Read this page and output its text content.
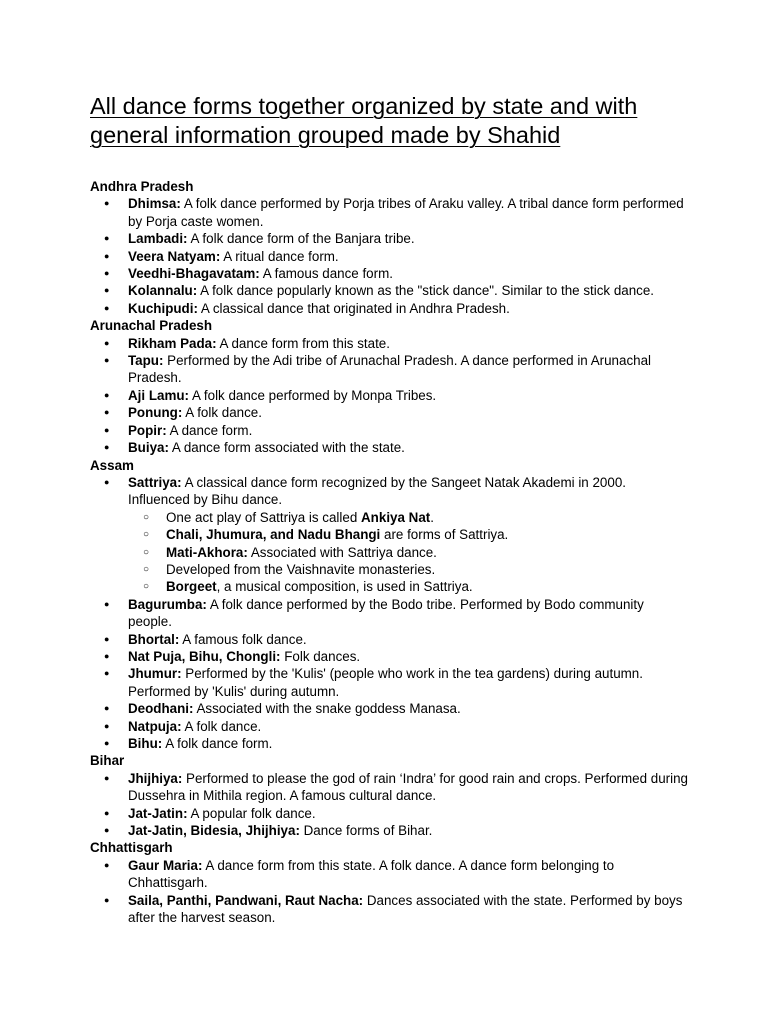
All dance forms together organized by state and with general information grouped made by Shahid
Andhra Pradesh
● Dhimsa: A folk dance performed by Porja tribes of Araku valley. A tribal dance form performed by Porja caste women.
● Lambadi: A folk dance form of the Banjara tribe.
● Veera Natyam: A ritual dance form.
● Veedhi-Bhagavatam: A famous dance form.
● Kolannalu: A folk dance popularly known as the "stick dance". Similar to the stick dance.
● Kuchipudi: A classical dance that originated in Andhra Pradesh.
Arunachal Pradesh
● Rikham Pada: A dance form from this state.
● Tapu: Performed by the Adi tribe of Arunachal Pradesh. A dance performed in Arunachal Pradesh.
● Aji Lamu: A folk dance performed by Monpa Tribes.
● Ponung: A folk dance.
● Popir: A dance form.
● Buiya: A dance form associated with the state.
Assam
● Sattriya: A classical dance form recognized by the Sangeet Natak Akademi in 2000. Influenced by Bihu dance.
○ One act play of Sattriya is called Ankiya Nat.
○ Chali, Jhumura, and Nadu Bhangi are forms of Sattriya.
○ Mati-Akhora: Associated with Sattriya dance.
○ Developed from the Vaishnavite monasteries.
○ Borgeet, a musical composition, is used in Sattriya.
● Bagurumba: A folk dance performed by the Bodo tribe. Performed by Bodo community people.
● Bhortal: A famous folk dance.
● Nat Puja, Bihu, Chongli: Folk dances.
● Jhumur: Performed by the 'Kulis' (people who work in the tea gardens) during autumn. Performed by 'Kulis' during autumn.
● Deodhani: Associated with the snake goddess Manasa.
● Natpuja: A folk dance.
● Bihu: A folk dance form.
Bihar
● Jhijhiya: Performed to please the god of rain ‘Indra’ for good rain and crops. Performed during Dussehra in Mithila region. A famous cultural dance.
● Jat-Jatin: A popular folk dance.
● Jat-Jatin, Bidesia, Jhijhiya: Dance forms of Bihar.
Chhattisgarh
● Gaur Maria: A dance form from this state. A folk dance. A dance form belonging to Chhattisgarh.
● Saila, Panthi, Pandwani, Raut Nacha: Dances associated with the state. Performed by boys after the harvest season.
